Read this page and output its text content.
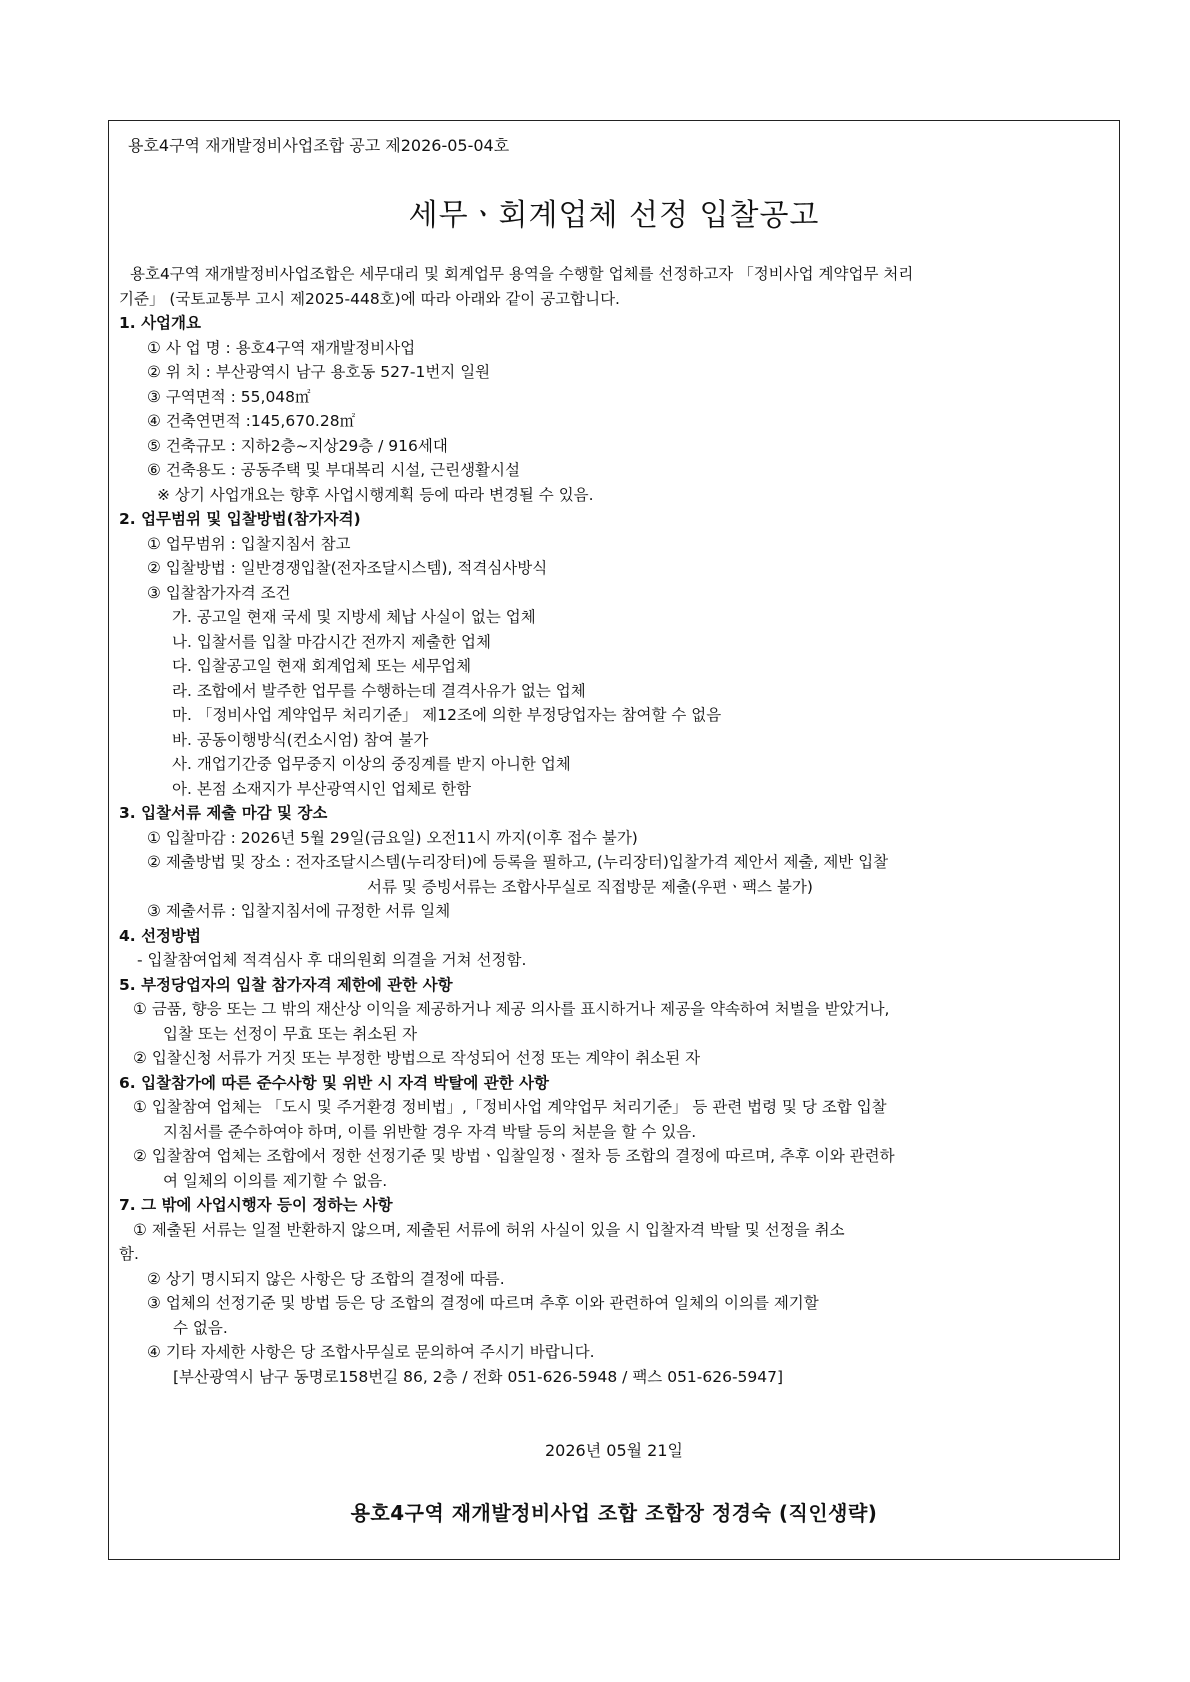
용호4구역 재개발정비사업조합 공고 제2026-05-04호
세무ㆍ회계업체 선정 입찰공고

용호4구역 재개발정비사업조합은 세무대리 및 회계업무 용역을 수행할 업체를 선정하고자 「정비사업 계약업무 처리

기준」 (국토교통부 고시 제2025-448호)에 따라 아래와 같이 공고합니다.

1. 사업개요

① 사 업 명 : 용호4구역 재개발정비사업

② 위 치 : 부산광역시 남구 용호동 527-1번지 일원

③ 구역면적 : 55,048㎡

④ 건축연면적 :145,670.28㎡

⑤ 건축규모 : 지하2층~지상29층 / 916세대

⑥ 건축용도 : 공동주택 및 부대복리 시설, 근린생활시설

※ 상기 사업개요는 향후 사업시행계획 등에 따라 변경될 수 있음.

2. 업무범위 및 입찰방법(참가자격)

① 업무범위 : 입찰지침서 참고

② 입찰방법 : 일반경쟁입찰(전자조달시스템), 적격심사방식

③ 입찰참가자격 조건

가. 공고일 현재 국세 및 지방세 체납 사실이 없는 업체

나. 입찰서를 입찰 마감시간 전까지 제출한 업체

다. 입찰공고일 현재 회계업체 또는 세무업체

라. 조합에서 발주한 업무를 수행하는데 결격사유가 없는 업체

마. 「정비사업 계약업무 처리기준」 제12조에 의한 부정당업자는 참여할 수 없음

바. 공동이행방식(컨소시엄) 참여 불가

사. 개업기간중 업무중지 이상의 중징계를 받지 아니한 업체

아. 본점 소재지가 부산광역시인 업체로 한함

3. 입찰서류 제출 마감 및 장소

① 입찰마감 : 2026년 5월 29일(금요일) 오전11시 까지(이후 접수 불가)

② 제출방법 및 장소 : 전자조달시스템(누리장터)에 등록을 필하고, (누리장터)입찰가격 제안서 제출, 제반 입찰
서류 및 증빙서류는 조합사무실로 직접방문 제출(우편ㆍ팩스 불가)

③ 제출서류 : 입찰지침서에 규정한 서류 일체

4. 선정방법

- 입찰참여업체 적격심사 후 대의원회 의결을 거쳐 선정함.

5. 부정당업자의 입찰 참가자격 제한에 관한 사항

① 금품, 향응 또는 그 밖의 재산상 이익을 제공하거나 제공 의사를 표시하거나 제공을 약속하여 처벌을 받았거나,
입찰 또는 선정이 무효 또는 취소된 자

② 입찰신청 서류가 거짓 또는 부정한 방법으로 작성되어 선정 또는 계약이 취소된 자

6. 입찰참가에 따른 준수사항 및 위반 시 자격 박탈에 관한 사항

① 입찰참여 업체는 「도시 및 주거환경 정비법」,「정비사업 계약업무 처리기준」 등 관련 법령 및 당 조합 입찰
지침서를 준수하여야 하며, 이를 위반할 경우 자격 박탈 등의 처분을 할 수 있음.

② 입찰참여 업체는 조합에서 정한 선정기준 및 방법ㆍ입찰일정ㆍ절차 등 조합의 결정에 따르며, 추후 이와 관련하
여 일체의 이의를 제기할 수 없음.

7. 그 밖에 사업시행자 등이 정하는 사항

① 제출된 서류는 일절 반환하지 않으며, 제출된 서류에 허위 사실이 있을 시 입찰자격 박탈 및 선정을 취소

함.

② 상기 명시되지 않은 사항은 당 조합의 결정에 따름.

③ 업체의 선정기준 및 방법 등은 당 조합의 결정에 따르며 추후 이와 관련하여 일체의 이의를 제기할
수 없음.

④ 기타 자세한 사항은 당 조합사무실로 문의하여 주시기 바랍니다.
[부산광역시 남구 동명로158번길 86, 2층 / 전화 051-626-5948 / 팩스 051-626-5947]

2026년 05월 21일
용호4구역 재개발정비사업 조합 조합장 정경숙 (직인생략)
